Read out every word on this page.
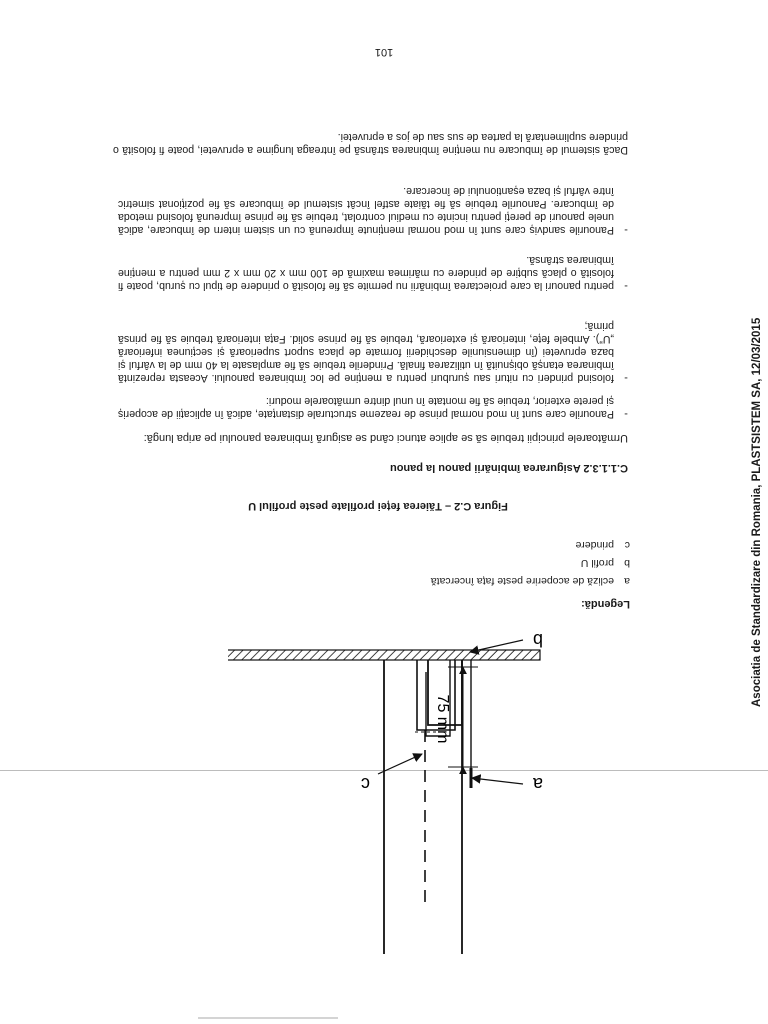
Asociatia de Standardizare din Romania, PLASTSISTEM SA, 12/03/2015
75 mm
b
a
c
Legendă:
a
ecliză de acoperire peste fața încercată
b
profil U
c
prindere
Figura C.2 – Tăierea feței profilate peste profilul U
C.1.1.3.2 Asigurarea îmbinării panou la panou
Următoarele principii trebuie să se aplice atunci când se asigură îmbinarea panoului pe aripa lungă:
-
Panourile care sunt în mod normal prinse de reazeme structurale distanțate, adică în aplicații de acoperiș și perete exterior, trebuie să fie montate în unul dintre următoarele moduri:
-
folosind prinderi cu nituri sau șuruburi pentru a menține pe loc îmbinarea panoului. Aceasta reprezintă îmbinarea etanșă obișnuită în utilizarea finală. Prinderile trebuie să fie amplasate la 40 mm de la vârful și baza epruvetei (în dimensiunile deschiderii formate de placa suport superioară și secțiunea inferioară „U”). Ambele fețe, interioară și exterioară, trebuie să fie prinse solid. Fața interioară trebuie să fie prinsă primă;
-
pentru panouri la care proiectarea îmbinării nu permite să fie folosită o prindere de tipul cu șurub, poate fi folosită o placă subțire de prindere cu mărimea maximă de 100 mm x 20 mm x 2 mm pentru a menține îmbinarea strânsă.
-
Panourile sandviș care sunt în mod normal menținute împreună cu un sistem intern de îmbucare, adică unele panouri de pereți pentru incinte cu mediul controlat, trebuie să fie prinse împreună folosind metoda de îmbucare. Panourile trebuie să fie tăiate astfel încât sistemul de îmbucare să fie poziționat simetric între vârful și baza eșantionului de încercare.
Dacă sistemul de îmbucare nu menține îmbinarea strânsă pe întreaga lungime a epruvetei, poate fi folosită o prindere suplimentară la partea de sus sau de jos a epruvetei.
101
